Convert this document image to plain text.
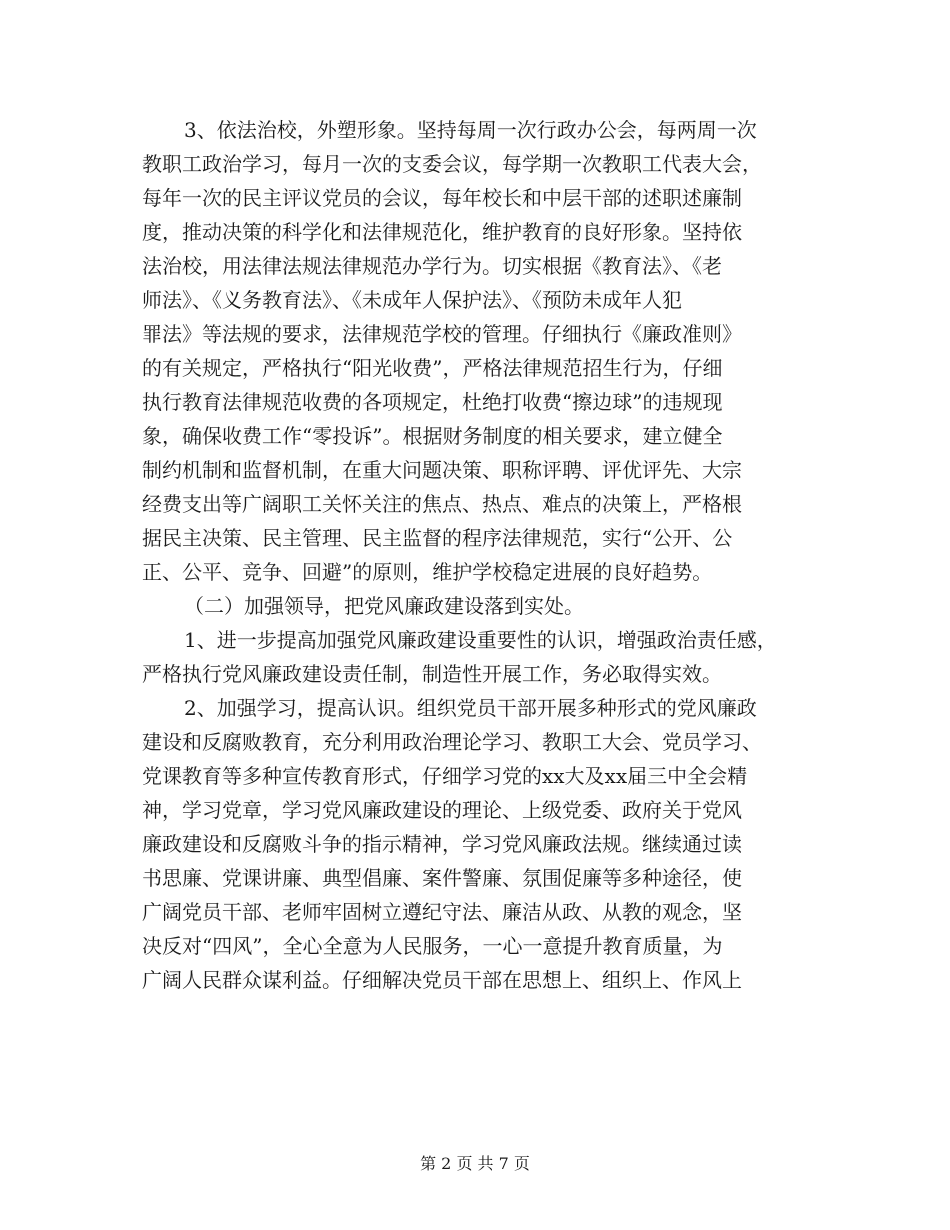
3、依法治校，外塑形象。坚持每周一次行政办公会，每两周一次
教职工政治学习，每月一次的支委会议，每学期一次教职工代表大会，
每年一次的民主评议党员的会议，每年校长和中层干部的述职述廉制
度，推动决策的科学化和法律规范化，维护教育的良好形象。坚持依
法治校，用法律法规法律规范办学行为。切实根据《教育法》、《老
师法》、《义务教育法》、《未成年人保护法》、《预防未成年人犯
罪法》等法规的要求，法律规范学校的管理。仔细执行《廉政准则》
的有关规定，严格执行“阳光收费”，严格法律规范招生行为，仔细
执行教育法律规范收费的各项规定，杜绝打收费“擦边球”的违规现
象，确保收费工作“零投诉”。根据财务制度的相关要求，建立健全
制约机制和监督机制，在重大问题决策、职称评聘、评优评先、大宗
经费支出等广阔职工关怀关注的焦点、热点、难点的决策上，严格根
据民主决策、民主管理、民主监督的程序法律规范，实行“公开、公
正、公平、竞争、回避”的原则，维护学校稳定进展的良好趋势。
（二）加强领导，把党风廉政建设落到实处。
1、进一步提高加强党风廉政建设重要性的认识，增强政治责任感，
严格执行党风廉政建设责任制，制造性开展工作，务必取得实效。
2、加强学习，提高认识。组织党员干部开展多种形式的党风廉政
建设和反腐败教育，充分利用政治理论学习、教职工大会、党员学习、
党课教育等多种宣传教育形式，仔细学习党的xx大及xx届三中全会精
神，学习党章，学习党风廉政建设的理论、上级党委、政府关于党风
廉政建设和反腐败斗争的指示精神，学习党风廉政法规。继续通过读
书思廉、党课讲廉、典型倡廉、案件警廉、氛围促廉等多种途径，使
广阔党员干部、老师牢固树立遵纪守法、廉洁从政、从教的观念，坚
决反对“四风”，全心全意为人民服务，一心一意提升教育质量，为
广阔人民群众谋利益。仔细解决党员干部在思想上、组织上、作风上
第 2 页 共 7 页
